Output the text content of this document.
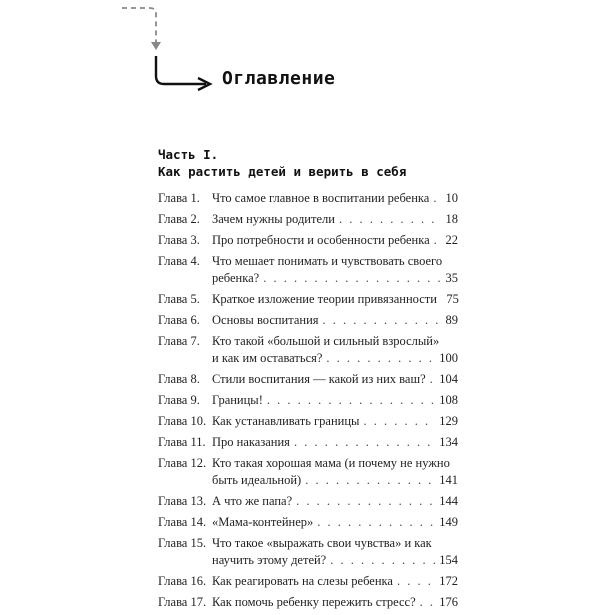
Оглавление
Часть I.
Как растить детей и верить в себя
Глава 1. Что самое главное в воспитании ребенка . . . 10
Глава 2. Зачем нужны родители . . .	18
Глава 3. Про потребности и особенности ребенка . . . 22
Глава 4. Что мешает понимать и чувствовать своего
ребенка? . . .	35
Глава 5. Краткое изложение теории привязанности 75
Глава 6. Основы воспитания . . .	89
Глава 7. Кто такой «большой и сильный взрослый»
и как им оставаться? . . .	100
Глава 8. Стили воспитания — какой из них ваш? . . . 104
Глава 9. Границы! . . .	108
Глава 10. Как устанавливать границы . . .	129
Глава 11. Про наказания . . .	134
Глава 12. Кто такая хорошая мама (и почему не нужно
быть идеальной) . . .	141
Глава 13. А что же папа? . . .	144
Глава 14. «Мама-контейнер» . . .	149
Глава 15. Что такое «выражать свои чувства» и как
научить этому детей? . . .	154
Глава 16. Как реагировать на слезы ребенка . . .	172
Глава 17. Как помочь ребенку пережить стресс? . . . 176
